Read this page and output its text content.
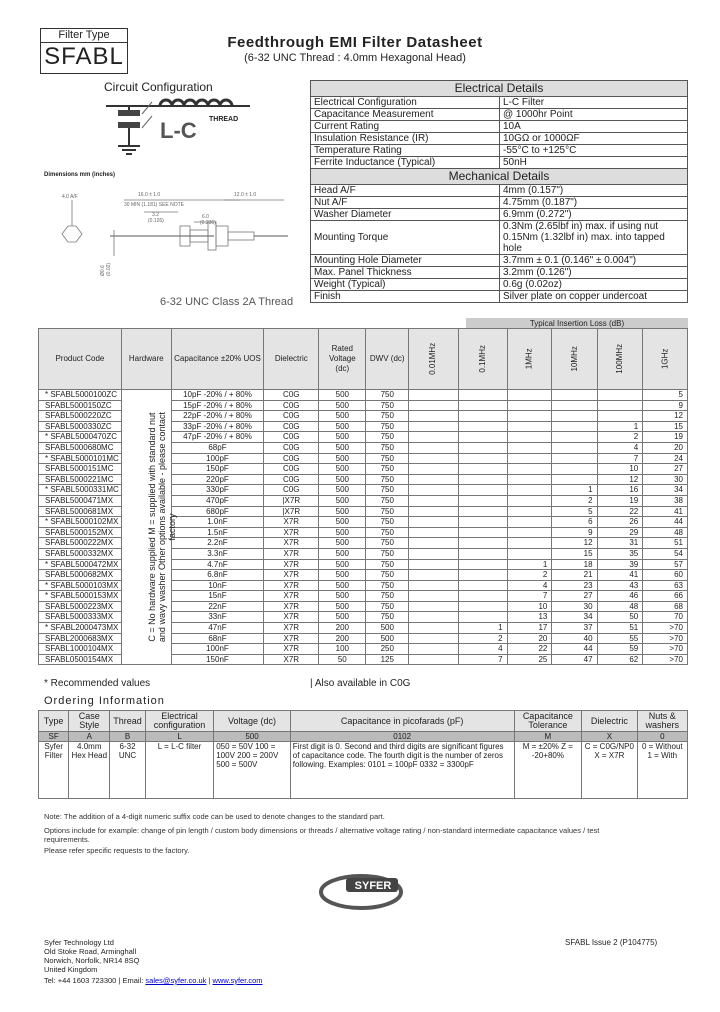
Filter Type
SFABL
Feedthrough EMI Filter Datasheet
(6-32 UNC Thread : 4.0mm Hexagonal Head)
Circuit Configuration
L-C THREAD
Dimensions mm (inches)
4.0 A/F	16.0 ± 1.0
30 MIN (1.181) SEE NOTE
3.2
(0.126)
12.0 ± 1.0
6.0
(0.236)
Ø0.6 (0.02)
6-32 UNC Class 2A Thread
Electrical Details	
Electrical Configuration	L-C Filter
Capacitance Measurement	@ 1000hr Point
Current Rating	10A
Insulation Resistance (IR)	10GΩ or 1000ΩF
Temperature Rating	-55°C to +125°C
Ferrite Inductance (Typical)	50nH
Mechanical Details	
Head A/F	4mm (0.157")
Nut A/F	4.75mm (0.187")
Washer Diameter	6.9mm (0.272")
Mounting Torque	0.3Nm (2.65lbf in) max. if using nut 0.15Nm (1.32lbf in) max. into tapped hole
Mounting Hole Diameter	3.7mm ± 0.1 (0.146" ± 0.004")
Max. Panel Thickness	3.2mm (0.126")
Weight (Typical)	0.6g (0.02oz)
Finish	Silver plate on copper undercoat
Typical Insertion Loss (dB)
Product Code	Hardware	Capacitance ±20% UOS	Dielectric	Rated Voltage (dc)	DWV (dc)	0.01MHz	0.1MHz	1MHz	10MHz	100MHz	1GHz
* SFABL5000100ZC		10pF -20% / + 80%	C0G	500	750						5
SFABL5000150ZC		15pF -20% / + 80%	C0G	500	750						9
SFABL5000220ZC		22pF -20% / + 80%	C0G	500	750						12
SFABL5000330ZC		33pF -20% / + 80%	C0G	500	750					1	15
* SFABL5000470ZC		47pF -20% / + 80%	C0G	500	750					2	19
SFABL5000680MC		68pF	C0G	500	750					4	20
* SFABL5000101MC		100pF	C0G	500	750					7	24
SFABL5000151MC		150pF	C0G	500	750					10	27
SFABL5000221MC		220pF	C0G	500	750					12	30
* SFABL5000331MC		330pF	C0G	500	750				1	16	34
SFABL5000471MX		470pF	|X7R	500	750				2	19	38
SFABL5000681MX		680pF	|X7R	500	750				5	22	41
* SFABL5000102MX		1.0nF	X7R	500	750				6	26	44
SFABL5000152MX		1.5nF	X7R	500	750				9	29	48
SFABL5000222MX		2.2nF	X7R	500	750				12	31	51
SFABL5000332MX		3.3nF	X7R	500	750				15	35	54
* SFABL5000472MX		4.7nF	X7R	500	750			1	18	39	57
SFABL5000682MX		6.8nF	X7R	500	750			2	21	41	60
* SFABL5000103MX		10nF	X7R	500	750			4	23	43	63
* SFABL5000153MX		15nF	X7R	500	750			7	27	46	66
SFABL5000223MX		22nF	X7R	500	750			10	30	48	68
SFABL5000333MX		33nF	X7R	500	750			13	34	50	70
* SFABL2000473MX		47nF	X7R	200	500		1	17	37	51	>70
SFABL2000683MX		68nF	X7R	200	500		2	20	40	55	>70
SFABL1000104MX		100nF	X7R	100	250		4	22	44	59	>70
SFABL0500154MX		150nF	X7R	50	125		7	25	47	62	>70
C = No hardware supplied M = supplied with standard nut and wavy washer Other options available - please contact factory
* Recommended values	| Also available in C0G
Ordering Information
Type	Case Style	Thread	Electrical configuration	Voltage (dc)	Capacitance in picofarads (pF)	Capacitance Tolerance	Dielectric	Nuts & washers
SF	A	B	L	500	0102	M	X	0
Syfer Filter	4.0mm Hex Head	6-32 UNC	L = L-C filter	050 = 50V 100 = 100V 200 = 200V 500 = 500V	First digit is 0. Second and third digits are significant figures of capacitance code. The fourth digit is the number of zeros following. Examples: 0101 = 100pF 0332 = 3300pF	M = ±20% Z = -20+80%	C = C0G/NP0 X = X7R	0 = Without 1 = With
Note: The addition of a 4-digit numeric suffix code can be used to denote changes to the standard part.
Options include for example: change of pin length / custom body dimensions or threads / alternative voltage rating / non-standard intermediate capacitance values / test
requirements.
Please refer specific requests to the factory.
SYFER
Syfer Technology Ltd
Old Stoke Road, Arminghall
Norwich, Norfolk, NR14 8SQ
United Kingdom
SFABL Issue 2 (P104775)
Tel: +44 1603 723300 | Email: sales@syfer.co.uk | www.syfer.com
